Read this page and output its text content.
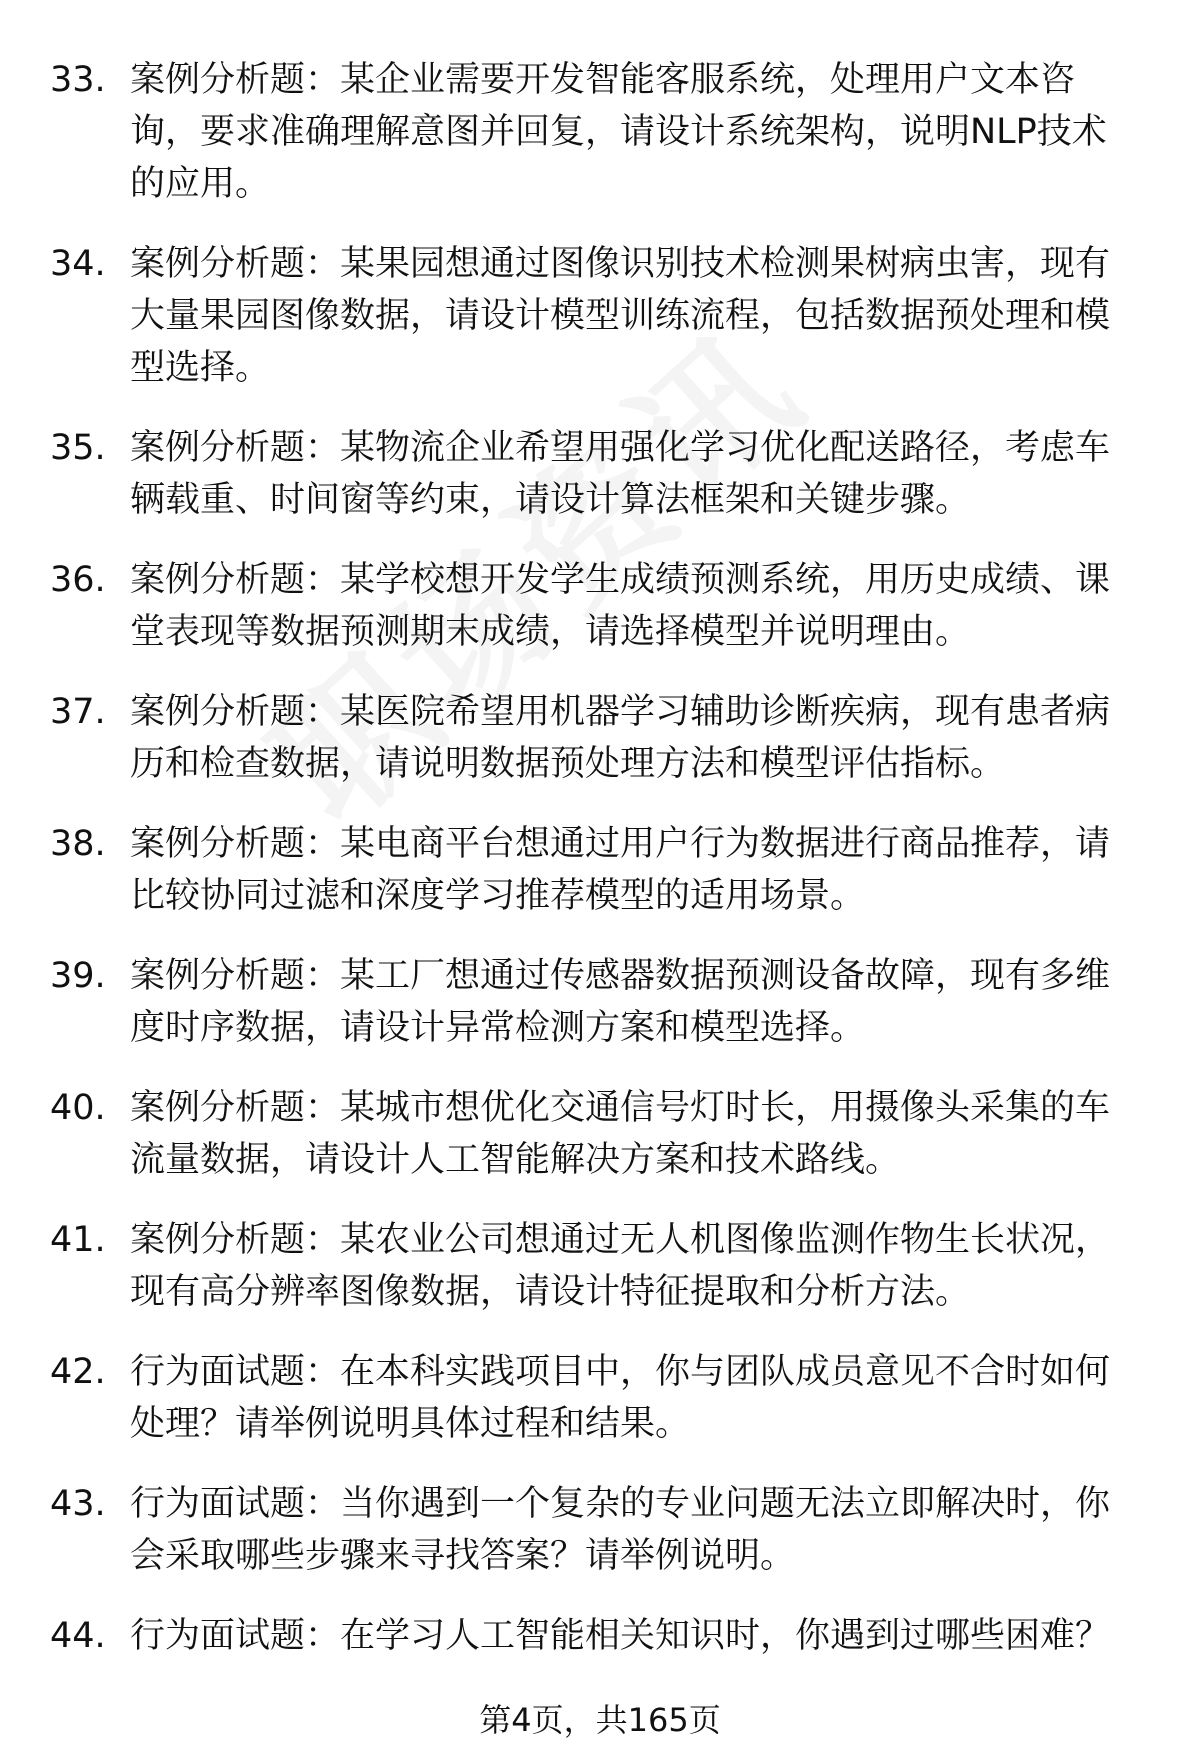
33. 案例分析题：某企业需要开发智能客服系统，处理用户文本咨询，要求准确理解意图并回复，请设计系统架构，说明NLP技术的应用。
34. 案例分析题：某果园想通过图像识别技术检测果树病虫害，现有大量果园图像数据，请设计模型训练流程，包括数据预处理和模型选择。
35. 案例分析题：某物流企业希望用强化学习优化配送路径，考虑车辆载重、时间窗等约束，请设计算法框架和关键步骤。
36. 案例分析题：某学校想开发学生成绩预测系统，用历史成绩、课堂表现等数据预测期末成绩，请选择模型并说明理由。
37. 案例分析题：某医院希望用机器学习辅助诊断疾病，现有患者病历和检查数据，请说明数据预处理方法和模型评估指标。
38. 案例分析题：某电商平台想通过用户行为数据进行商品推荐，请比较协同过滤和深度学习推荐模型的适用场景。
39. 案例分析题：某工厂想通过传感器数据预测设备故障，现有多维度时序数据，请设计异常检测方案和模型选择。
40. 案例分析题：某城市想优化交通信号灯时长，用摄像头采集的车流量数据，请设计人工智能解决方案和技术路线。
41. 案例分析题：某农业公司想通过无人机图像监测作物生长状况，现有高分辨率图像数据，请设计特征提取和分析方法。
42. 行为面试题：在本科实践项目中，你与团队成员意见不合时如何处理？请举例说明具体过程和结果。
43. 行为面试题：当你遇到一个复杂的专业问题无法立即解决时，你会采取哪些步骤来寻找答案？请举例说明。
44. 行为面试题：在学习人工智能相关知识时，你遇到过哪些困难？
第4页，共165页
